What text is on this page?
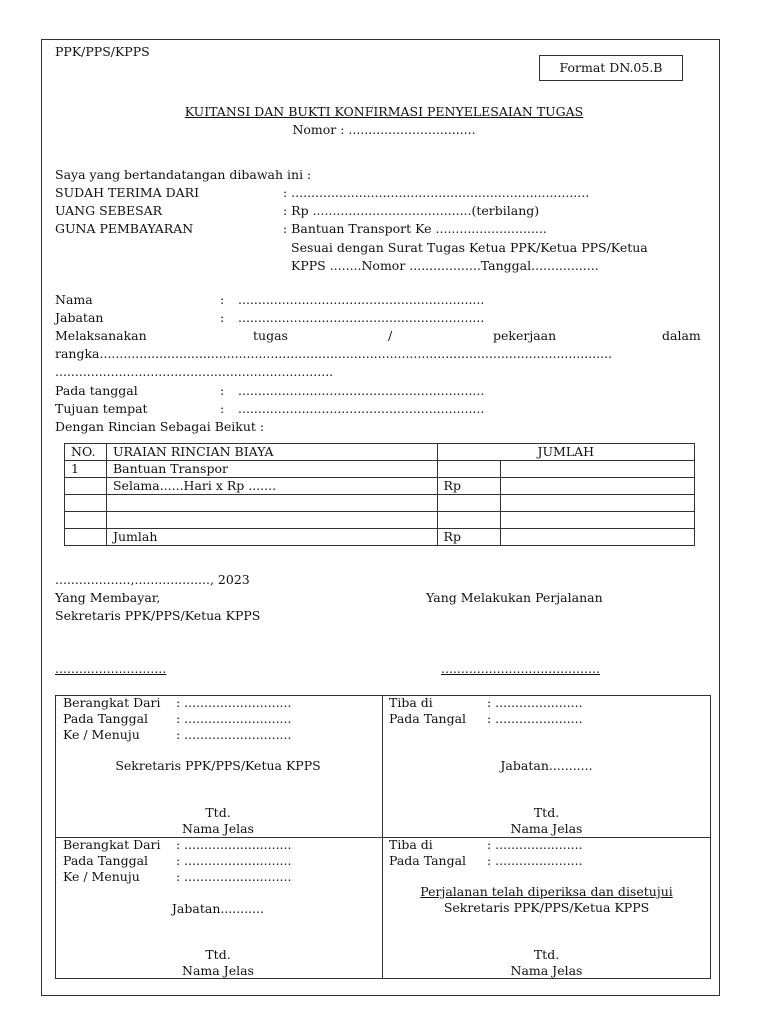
PPK/PPS/KPPS
Format DN.05.B
KUITANSI DAN BUKTI KONFIRMASI PENYELESAIAN TUGAS
Nomor : ................................
Saya yang bertandatangan dibawah ini :
SUDAH TERIMA DARI	: ...........................................................................
UANG SEBESAR	: Rp ........................................(terbilang)
GUNA PEMBAYARAN	: Bantuan Transport Ke ............................
Sesuai dengan Surat Tugas Ketua PPK/Ketua PPS/Ketua
KPPS ........Nomor ..................Tanggal.................
Nama	: ..............................................................
Jabatan	: ..............................................................
Melaksanakan	tugas	/	pekerjaan	dalam
rangka.................................................................................................................................
......................................................................
Pada tanggal	: ..............................................................
Tujuan tempat	: ..............................................................
Dengan Rincian Sebagai Beikut :
NO.	URAIAN RINCIAN BIAYA	JUMLAH	
1	Bantuan Transpor		
	Selama......Hari x Rp .......	Rp	

	Jumlah	Rp	
...................,..................., 2023
Yang Membayar,
Sekretaris PPK/PPS/Ketua KPPS
Yang Melakukan Perjalanan
............................	........................................
Berangkat Dari : ...........................
Pada Tanggal : ...........................
Ke / Menuju	: ...........................
Sekretaris PPK/PPS/Ketua KPPS
Ttd.
Nama Jelas
Tiba di	: ......................
Pada Tangal : ......................
Jabatan...........
Ttd.
Nama Jelas
Berangkat Dari : ...........................
Pada Tanggal : ...........................
Ke / Menuju	: ...........................
Jabatan...........
Ttd.
Nama Jelas
Tiba di	: ......................
Pada Tangal : ......................
Perjalanan telah diperiksa dan disetujui
Sekretaris PPK/PPS/Ketua KPPS
Ttd.
Nama Jelas
